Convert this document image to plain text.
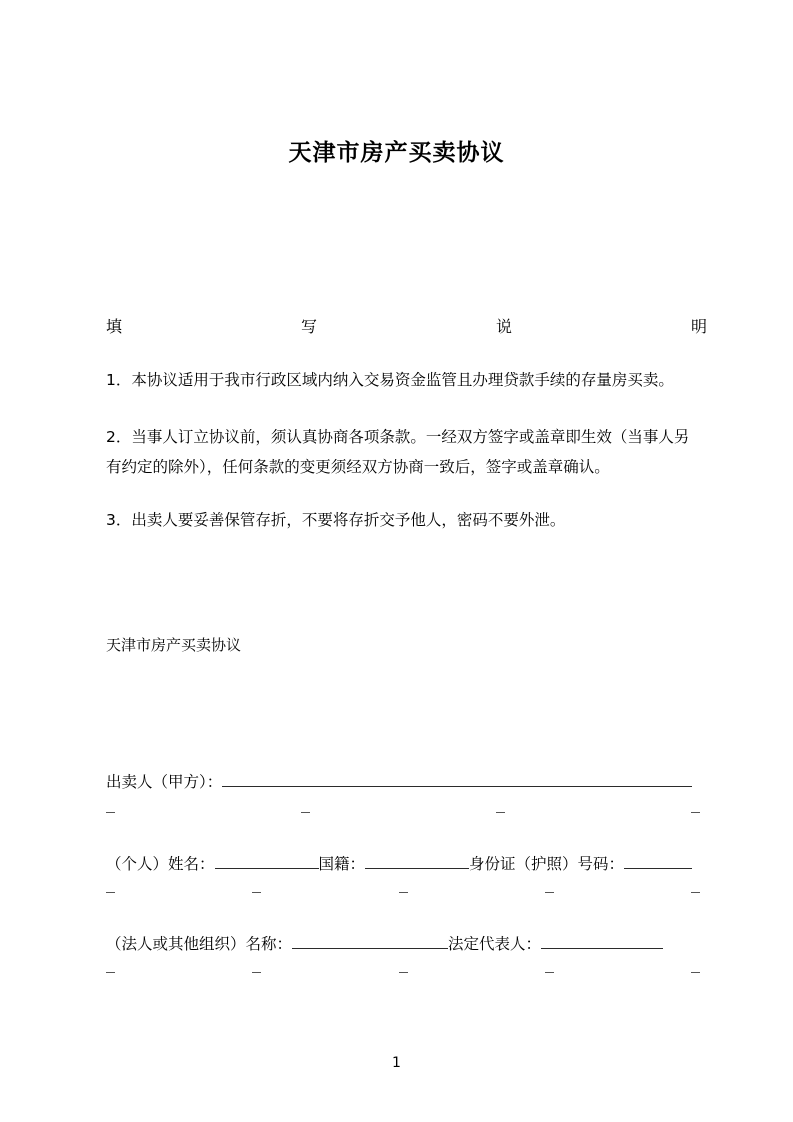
天津市房产买卖协议
填	写	说	明
1．本协议适用于我市行政区域内纳入交易资金监管且办理贷款手续的存量房买卖。
2．当事人订立协议前，须认真协商各项条款。一经双方签字或盖章即生效（当事人另
有约定的除外），任何条款的变更须经双方协商一致后，签字或盖章确认。
3．出卖人要妥善保管存折，不要将存折交予他人，密码不要外泄。
天津市房产买卖协议
出卖人（甲方）：
（个人）姓名：	国籍：	身份证（护照）号码：
（法人或其他组织）名称：	法定代表人：
1
